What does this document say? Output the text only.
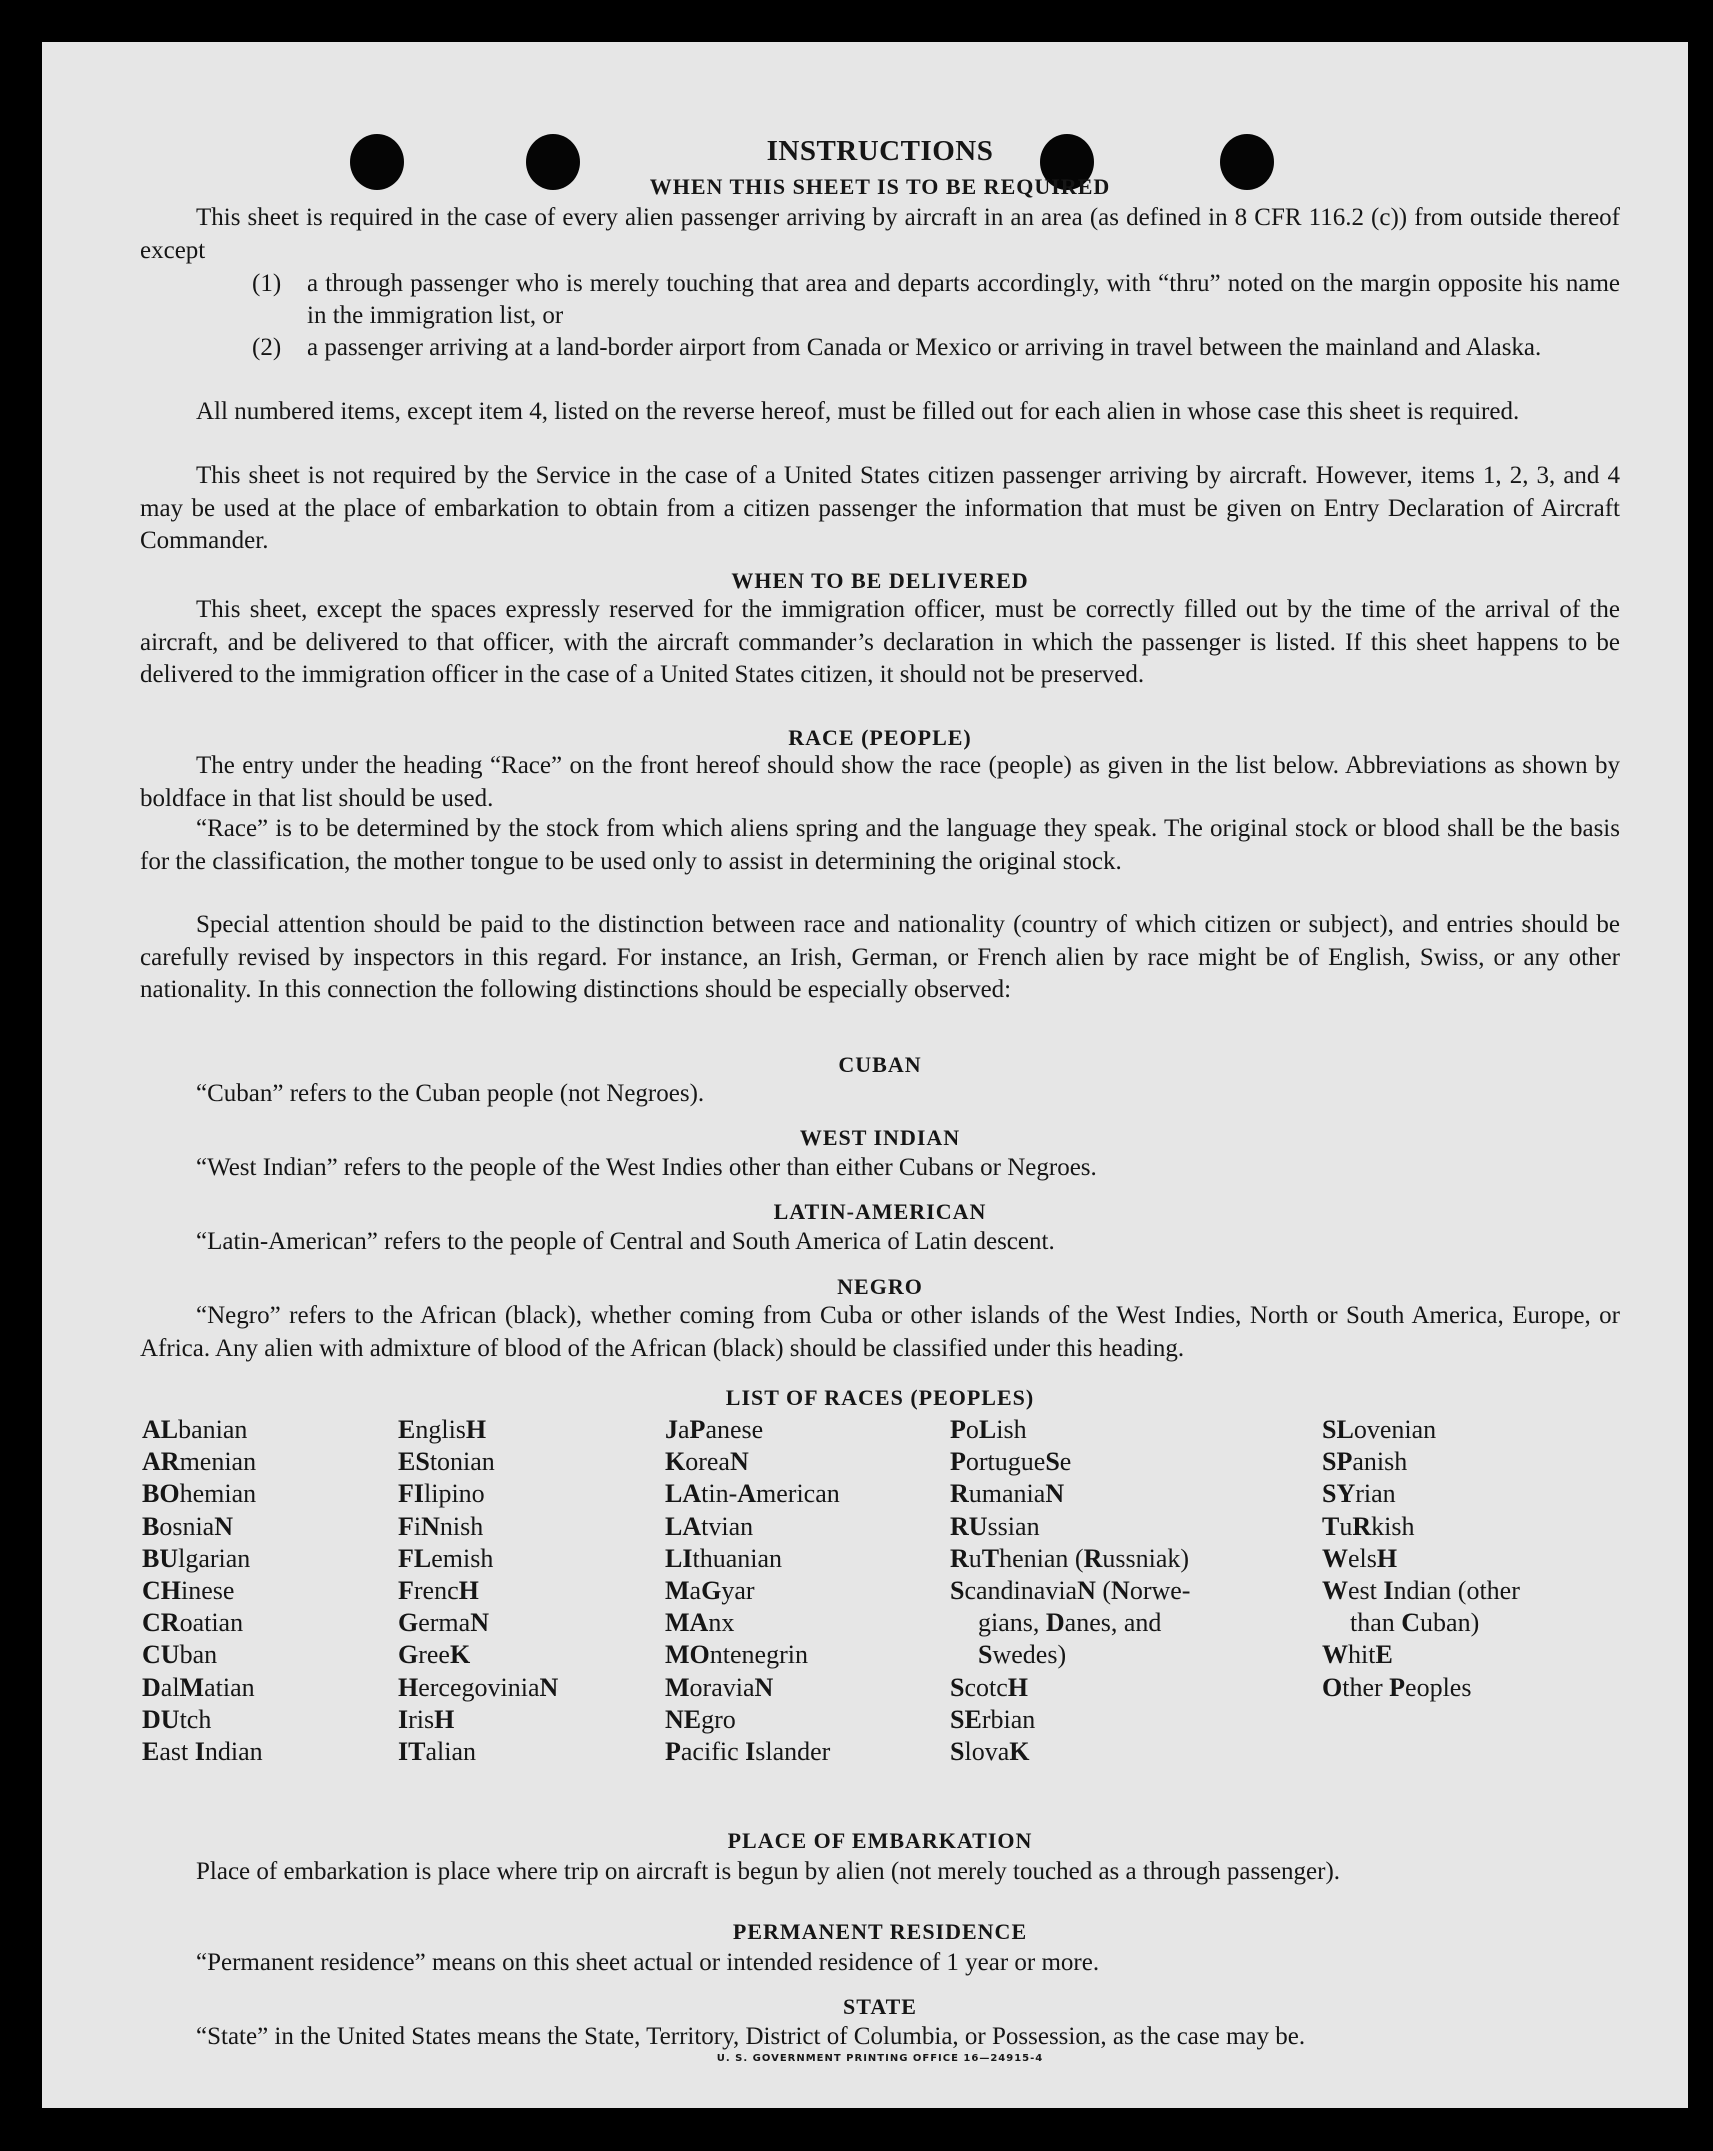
INSTRUCTIONS
WHEN THIS SHEET IS TO BE REQUIRED
This sheet is required in the case of every alien passenger arriving by aircraft in an area (as defined in 8 CFR 116.2 (c)) from outside thereof except
(1) a through passenger who is merely touching that area and departs accordingly, with “thru” noted on the margin opposite his name in the immigration list, or
(2) a passenger arriving at a land-border airport from Canada or Mexico or arriving in travel between the mainland and Alaska.
All numbered items, except item 4, listed on the reverse hereof, must be filled out for each alien in whose case this sheet is required.
This sheet is not required by the Service in the case of a United States citizen passenger arriving by aircraft. However, items 1, 2, 3, and 4 may be used at the place of embarkation to obtain from a citizen passenger the information that must be given on Entry Declaration of Aircraft Commander.
WHEN TO BE DELIVERED
This sheet, except the spaces expressly reserved for the immigration officer, must be correctly filled out by the time of the arrival of the aircraft, and be delivered to that officer, with the aircraft commander’s declaration in which the passenger is listed. If this sheet happens to be delivered to the immigration officer in the case of a United States citizen, it should not be preserved.
RACE (PEOPLE)
The entry under the heading “Race” on the front hereof should show the race (people) as given in the list below. Abbreviations as shown by boldface in that list should be used.
“Race” is to be determined by the stock from which aliens spring and the language they speak. The original stock or blood shall be the basis for the classification, the mother tongue to be used only to assist in determining the original stock.
Special attention should be paid to the distinction between race and nationality (country of which citizen or subject), and entries should be carefully revised by inspectors in this regard. For instance, an Irish, German, or French alien by race might be of English, Swiss, or any other nationality. In this connection the following distinctions should be especially observed:
CUBAN
“Cuban” refers to the Cuban people (not Negroes).
WEST INDIAN
“West Indian” refers to the people of the West Indies other than either Cubans or Negroes.
LATIN-AMERICAN
“Latin-American” refers to the people of Central and South America of Latin descent.
NEGRO
“Negro” refers to the African (black), whether coming from Cuba or other islands of the West Indies, North or South America, Europe, or Africa. Any alien with admixture of blood of the African (black) should be classified under this heading.
LIST OF RACES (PEOPLES)
ALbanian
ARmenian
BOhemian
BosniaN
BUlgarian
CHinese
CRoatian
CUban
DalMatian
DUtch
East Indian
EnglisH
EStonian
FIlipino
FiNnish
FLemish
FrencH
GermaN
GreeK
HercegoviniaN
IrisH
ITalian
JaPanese
KoreaN
LAtin-American
LAtvian
LIthuanian
MaGyar
MAnx
MOntenegrin
MoraviaN
NEgro
Pacific Islander
PoLish
PortugueSe
RumaniaN
RUssian
RuThenian (Russniak)
ScandinaviaN (Norwe-
gians, Danes, and
Swedes)
ScotcH
SErbian
SlovaK
SLovenian
SPanish
SYrian
TuRkish
WelsH
West Indian (other
than Cuban)
WhitE
Other Peoples
PLACE OF EMBARKATION
Place of embarkation is place where trip on aircraft is begun by alien (not merely touched as a through passenger).
PERMANENT RESIDENCE
“Permanent residence” means on this sheet actual or intended residence of 1 year or more.
STATE
“State” in the United States means the State, Territory, District of Columbia, or Possession, as the case may be.
U. S. GOVERNMENT PRINTING OFFICE 16—24915-4
